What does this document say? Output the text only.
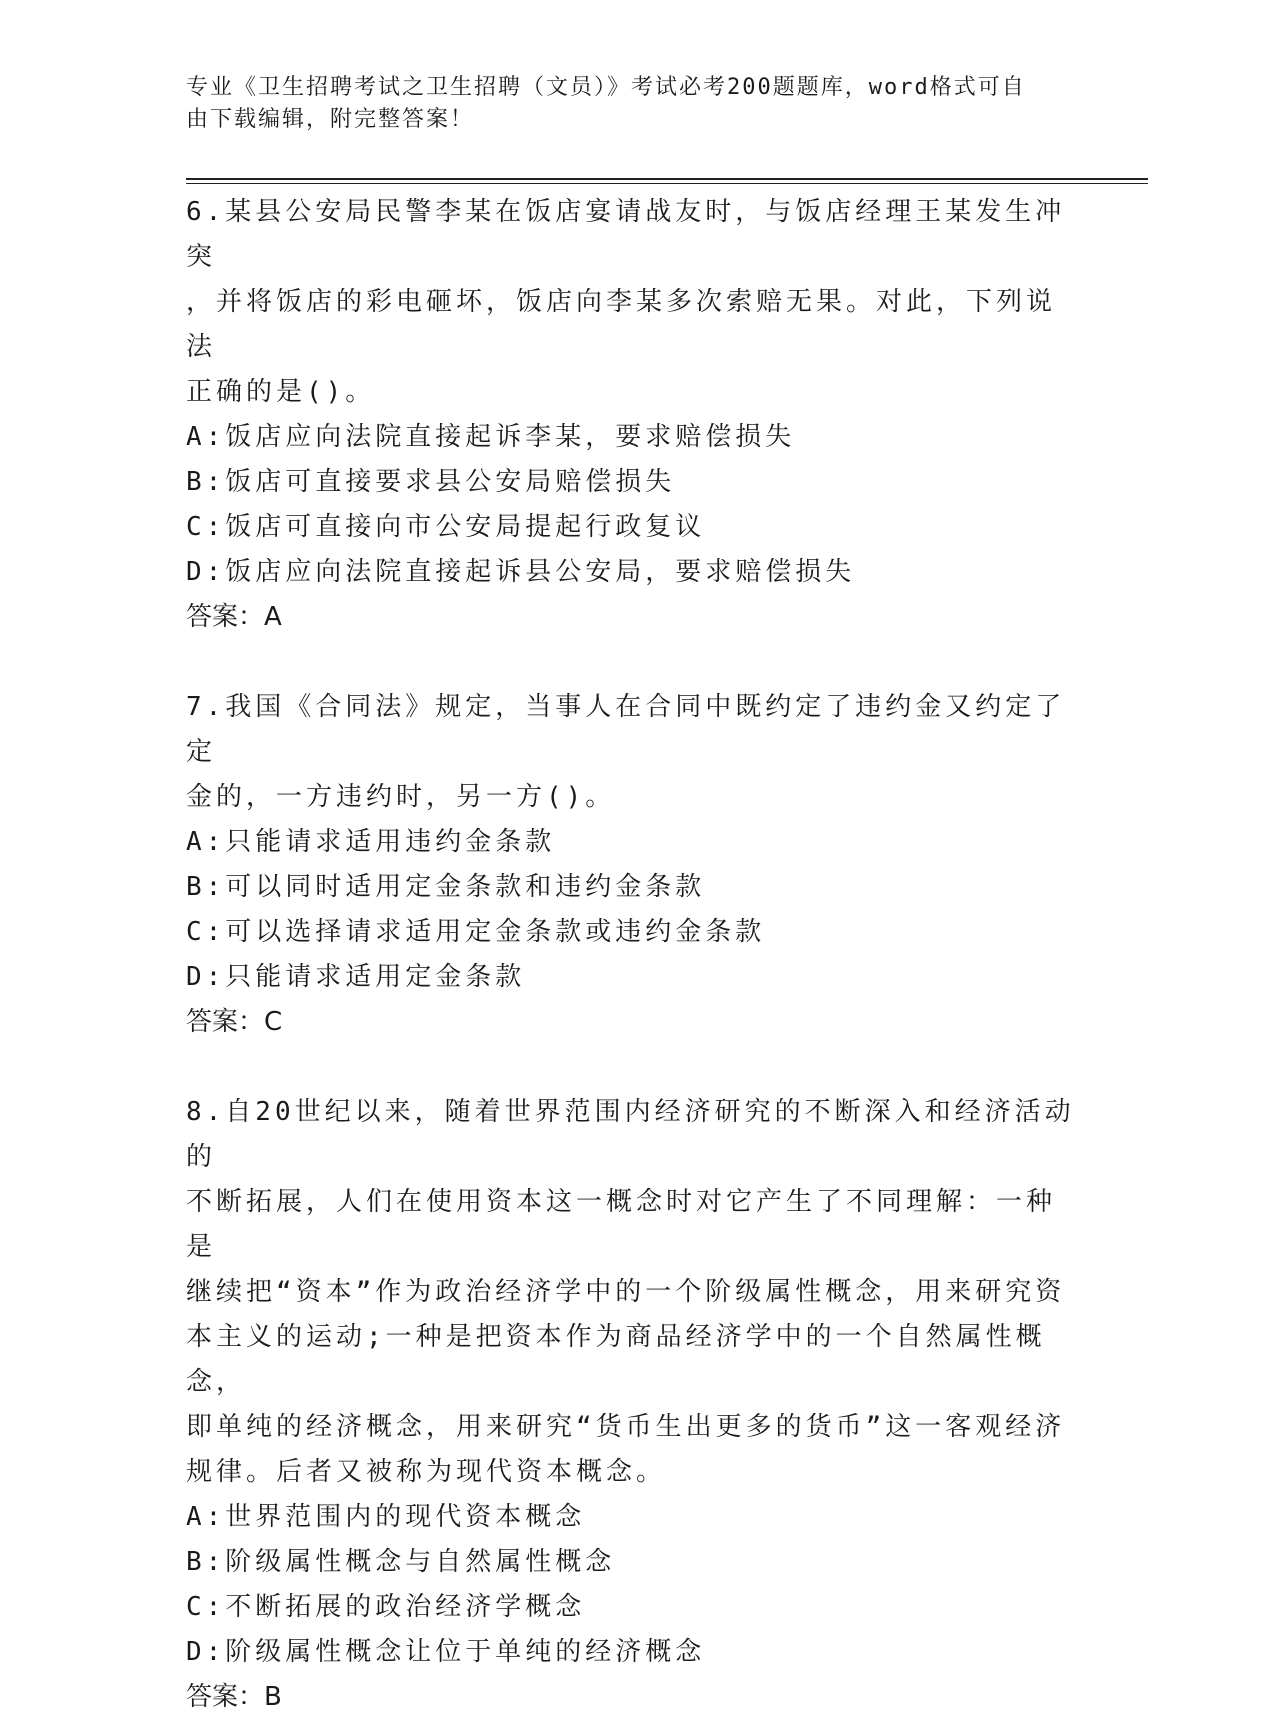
专业《卫生招聘考试之卫生招聘（文员）》考试必考200题题库，word格式可自
由下载编辑，附完整答案！

6.某县公安局民警李某在饭店宴请战友时，与饭店经理王某发生冲突

，并将饭店的彩电砸坏，饭店向李某多次索赔无果。对此，下列说法

正确的是()。

A:饭店应向法院直接起诉李某，要求赔偿损失

B:饭店可直接要求县公安局赔偿损失

C:饭店可直接向市公安局提起行政复议

D:饭店应向法院直接起诉县公安局，要求赔偿损失

答案：A

7.我国《合同法》规定，当事人在合同中既约定了违约金又约定了定

金的，一方违约时，另一方()。

A:只能请求适用违约金条款

B:可以同时适用定金条款和违约金条款

C:可以选择请求适用定金条款或违约金条款

D:只能请求适用定金条款

答案：C

8.自20世纪以来，随着世界范围内经济研究的不断深入和经济活动的

不断拓展，人们在使用资本这一概念时对它产生了不同理解：一种是

继续把“资本”作为政治经济学中的一个阶级属性概念，用来研究资

本主义的运动;一种是把资本作为商品经济学中的一个自然属性概念，

即单纯的经济概念，用来研究“货币生出更多的货币”这一客观经济

规律。后者又被称为现代资本概念。

A:世界范围内的现代资本概念

B:阶级属性概念与自然属性概念

C:不断拓展的政治经济学概念

D:阶级属性概念让位于单纯的经济概念

答案：B
